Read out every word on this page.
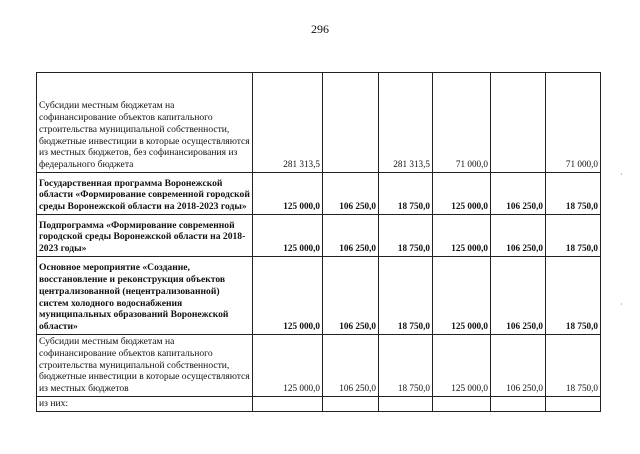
296
Субсидии местным бюджетам на софинансирование объектов капитального строительства муниципальной собственности, бюджетные инвестиции в которые осуществляются из местных бюджетов, без софинансирования из федерального бюджета	281 313,5		281 313,5	71 000,0		71 000,0
Государственная программа Воронежской области «Формирование современной городской среды Воронежской области на 2018-2023 годы»	125 000,0	106 250,0	18 750,0	125 000,0	106 250,0	18 750,0
Подпрограмма «Формирование современной городской среды Воронежской области на 2018-2023 годы»	125 000,0	106 250,0	18 750,0	125 000,0	106 250,0	18 750,0
Основное мероприятие «Создание, восстановление и реконструкция объектов централизованной (нецентрализованной) систем холодного водоснабжения муниципальных образований Воронежской области»	125 000,0	106 250,0	18 750,0	125 000,0	106 250,0	18 750,0
Субсидии местным бюджетам на софинансирование объектов капитального строительства муниципальной собственности, бюджетные инвестиции в которые осуществляются из местных бюджетов	125 000,0	106 250,0	18 750,0	125 000,0	106 250,0	18 750,0
из них:						
·
·
